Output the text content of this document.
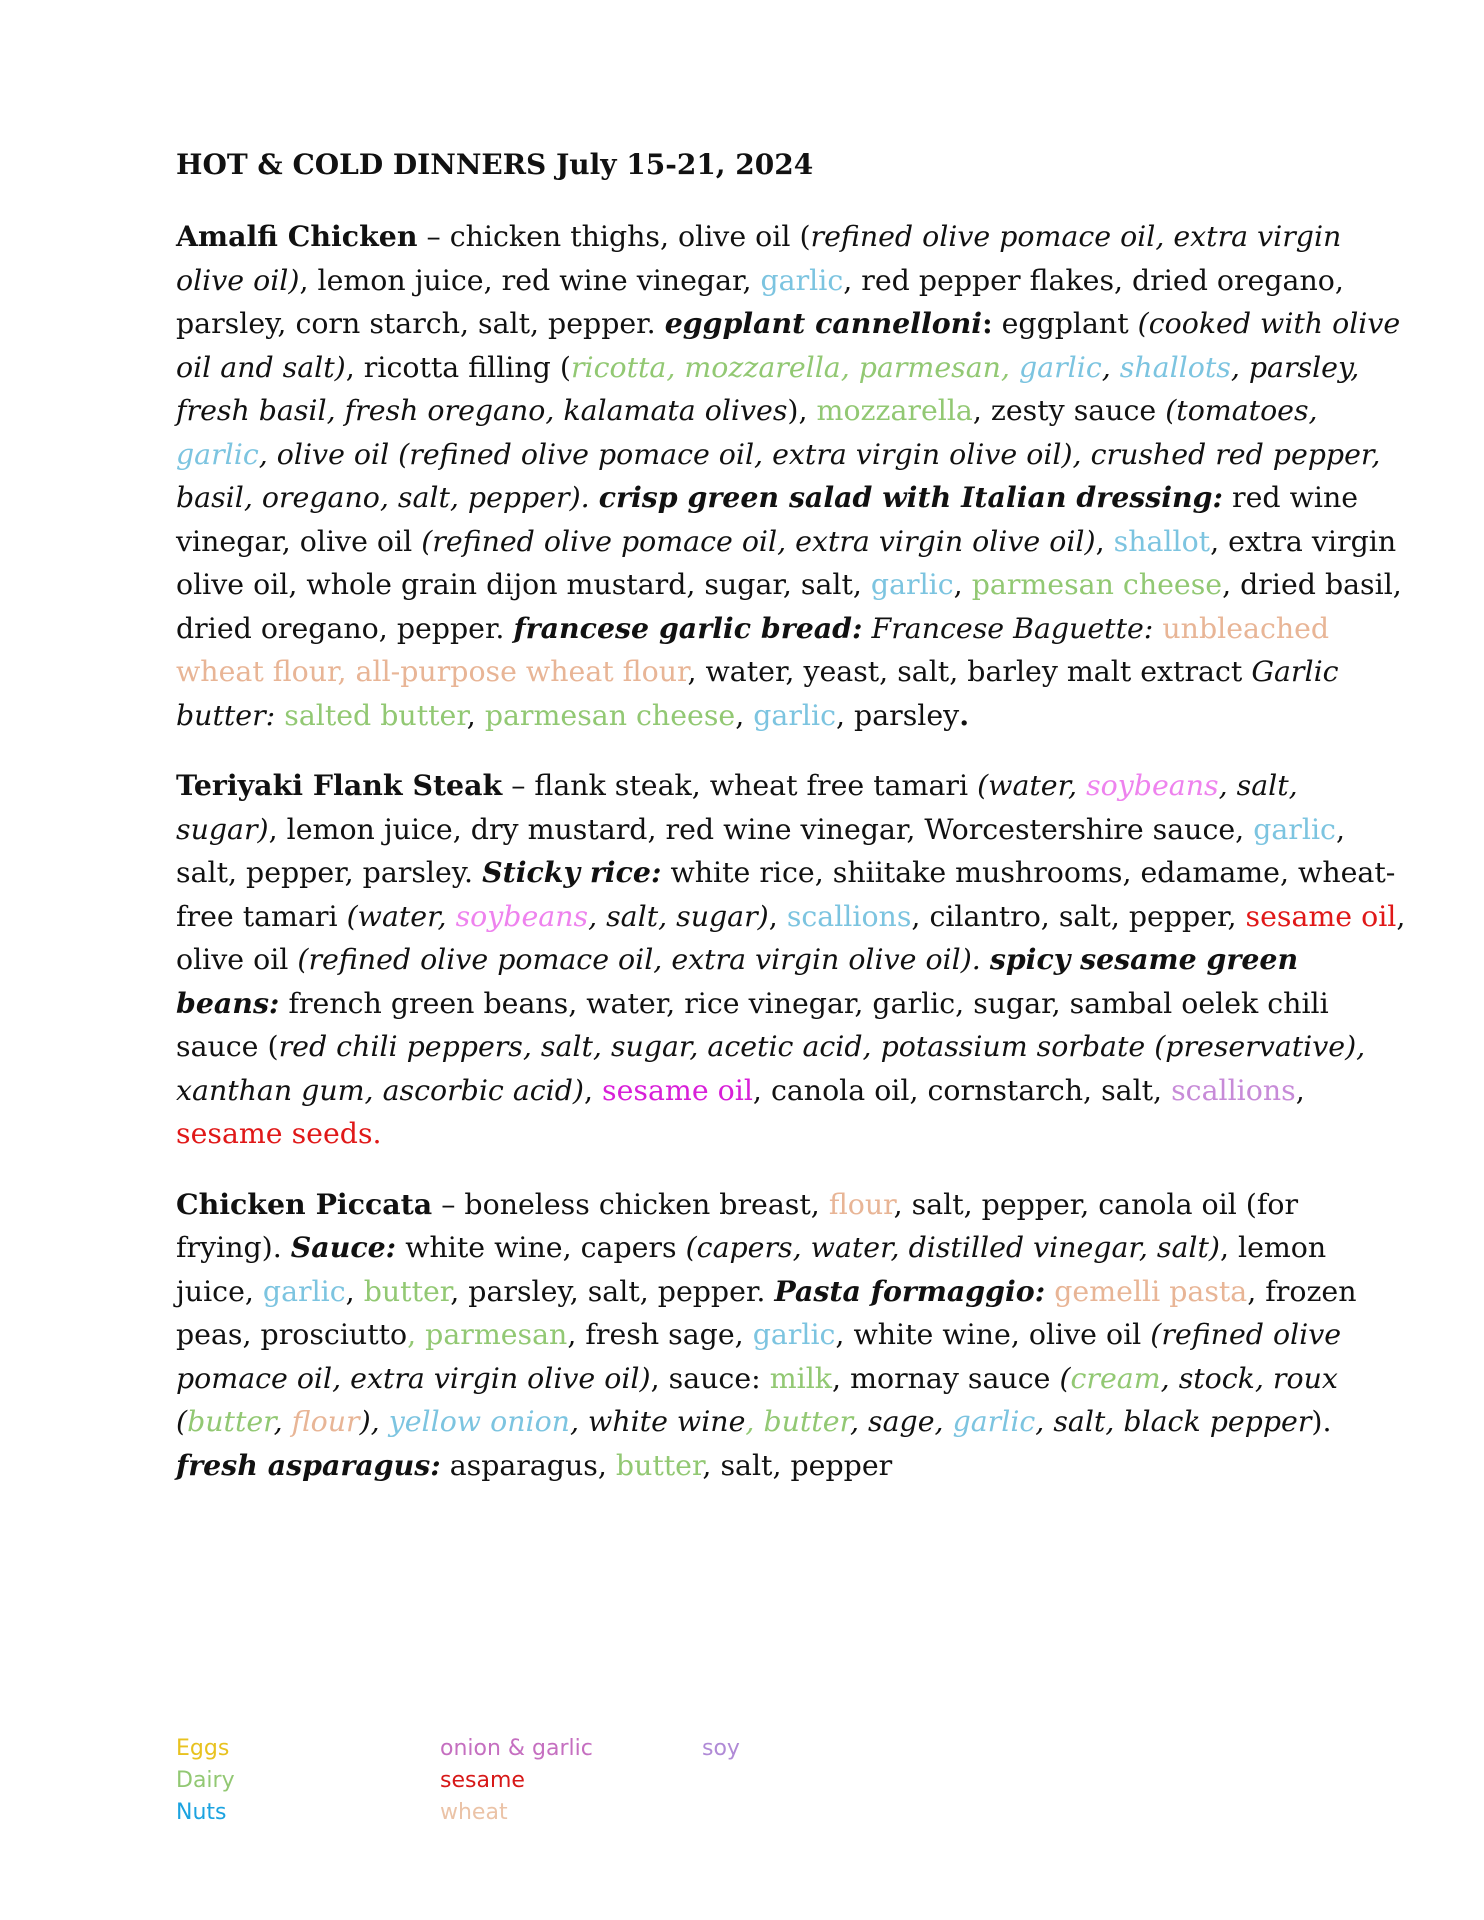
HOT & COLD DINNERS July 15-21, 2024

Amalfi Chicken – chicken thighs, olive oil (refined olive pomace oil, extra virgin olive oil), lemon juice, red wine vinegar, garlic, red pepper flakes, dried oregano, parsley, corn starch, salt, pepper. eggplant cannelloni: eggplant (cooked with olive oil and salt), ricotta filling (ricotta, mozzarella, parmesan, garlic, shallots, parsley, fresh basil, fresh oregano, kalamata olives), mozzarella, zesty sauce (tomatoes, garlic, olive oil (refined olive pomace oil, extra virgin olive oil), crushed red pepper, basil, oregano, salt, pepper). crisp green salad with Italian dressing: red wine vinegar, olive oil (refined olive pomace oil, extra virgin olive oil), shallot, extra virgin olive oil, whole grain dijon mustard, sugar, salt, garlic, parmesan cheese, dried basil, dried oregano, pepper. francese garlic bread: Francese Baguette: unbleached wheat flour, all-purpose wheat flour, water, yeast, salt, barley malt extract Garlic butter: salted butter, parmesan cheese, garlic, parsley.

Teriyaki Flank Steak – flank steak, wheat free tamari (water, soybeans, salt, sugar), lemon juice, dry mustard, red wine vinegar, Worcestershire sauce, garlic, salt, pepper, parsley. Sticky rice: white rice, shiitake mushrooms, edamame, wheat-free tamari (water, soybeans, salt, sugar), scallions, cilantro, salt, pepper, sesame oil, olive oil (refined olive pomace oil, extra virgin olive oil). spicy sesame green beans: french green beans, water, rice vinegar, garlic, sugar, sambal oelek chili sauce (red chili peppers, salt, sugar, acetic acid, potassium sorbate (preservative), xanthan gum, ascorbic acid), sesame oil, canola oil, cornstarch, salt, scallions, sesame seeds.

Chicken Piccata – boneless chicken breast, flour, salt, pepper, canola oil (for frying). Sauce: white wine, capers (capers, water, distilled vinegar, salt), lemon juice, garlic, butter, parsley, salt, pepper. Pasta formaggio: gemelli pasta, frozen peas, prosciutto, parmesan, fresh sage, garlic, white wine, olive oil (refined olive pomace oil, extra virgin olive oil), sauce: milk, mornay sauce (cream, stock, roux (butter, flour), yellow onion, white wine, butter, sage, garlic, salt, black pepper). fresh asparagus: asparagus, butter, salt, pepper

Eggs
Dairy
Nuts
onion & garlic
sesame
wheat
soy
